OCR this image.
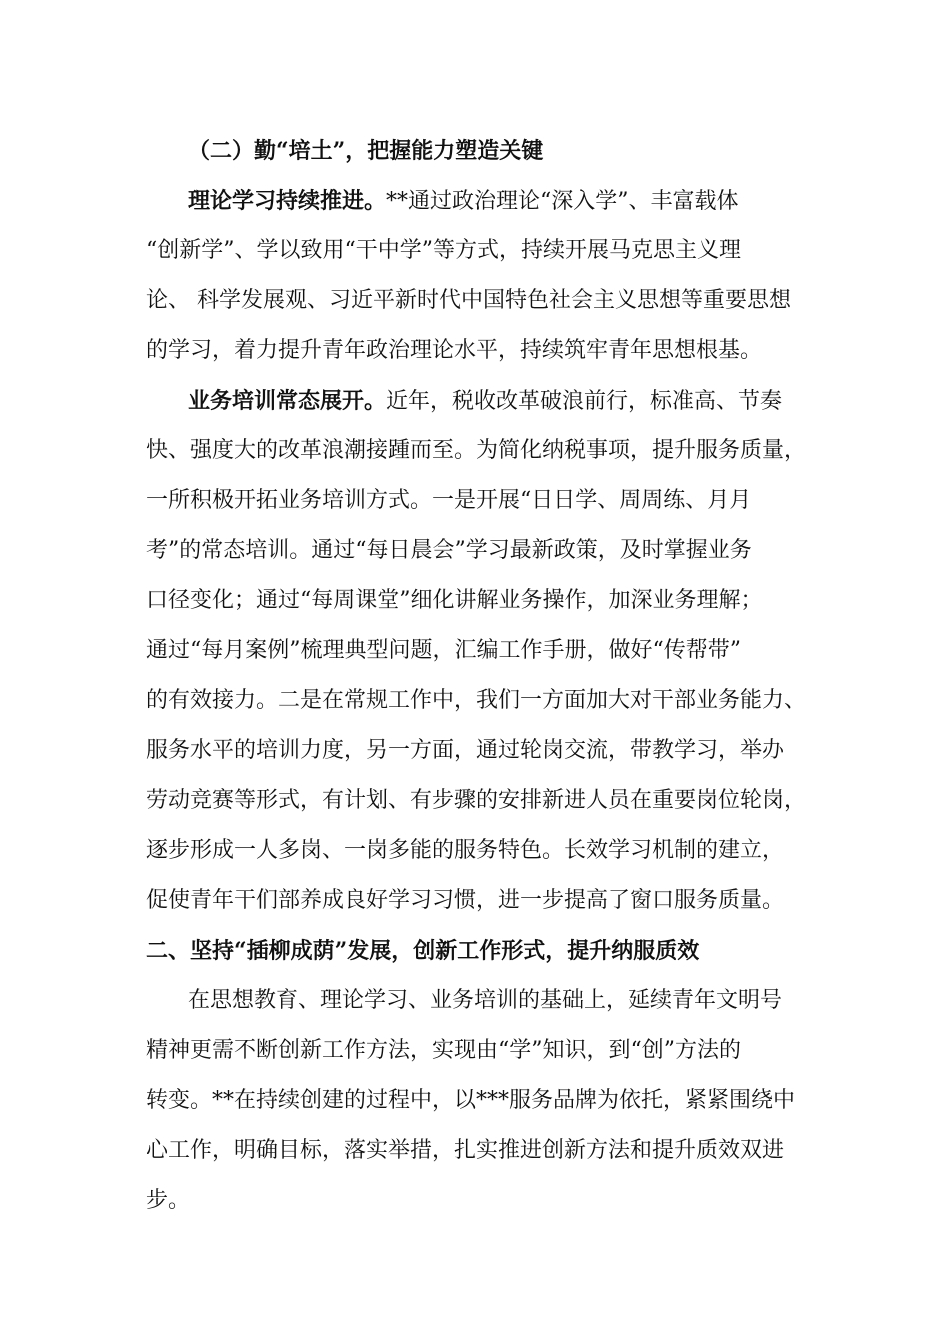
（二）勤“培土”，把握能力塑造关键
理论学习持续推进。**通过政治理论“深入学”、丰富载体
“创新学”、学以致用“干中学”等方式，持续开展马克思主义理
论、 科学发展观、习近平新时代中国特色社会主义思想等重要思想
的学习，着力提升青年政治理论水平，持续筑牢青年思想根基。
业务培训常态展开。近年，税收改革破浪前行，标准高、节奏
快、强度大的改革浪潮接踵而至。为简化纳税事项，提升服务质量，
一所积极开拓业务培训方式。一是开展“日日学、周周练、月月
考”的常态培训。通过“每日晨会”学习最新政策，及时掌握业务
口径变化；通过“每周课堂”细化讲解业务操作，加深业务理解；
通过“每月案例”梳理典型问题，汇编工作手册，做好“传帮带”
的有效接力。二是在常规工作中，我们一方面加大对干部业务能力、
服务水平的培训力度，另一方面，通过轮岗交流，带教学习，举办
劳动竞赛等形式，有计划、有步骤的安排新进人员在重要岗位轮岗，
逐步形成一人多岗、一岗多能的服务特色。长效学习机制的建立，
促使青年干们部养成良好学习习惯，进一步提高了窗口服务质量。
二、坚持“插柳成荫”发展，创新工作形式，提升纳服质效
在思想教育、理论学习、业务培训的基础上，延续青年文明号
精神更需不断创新工作方法，实现由“学”知识，到“创”方法的
转变。**在持续创建的过程中，以***服务品牌为依托，紧紧围绕中
心工作，明确目标，落实举措，扎实推进创新方法和提升质效双进
步。
